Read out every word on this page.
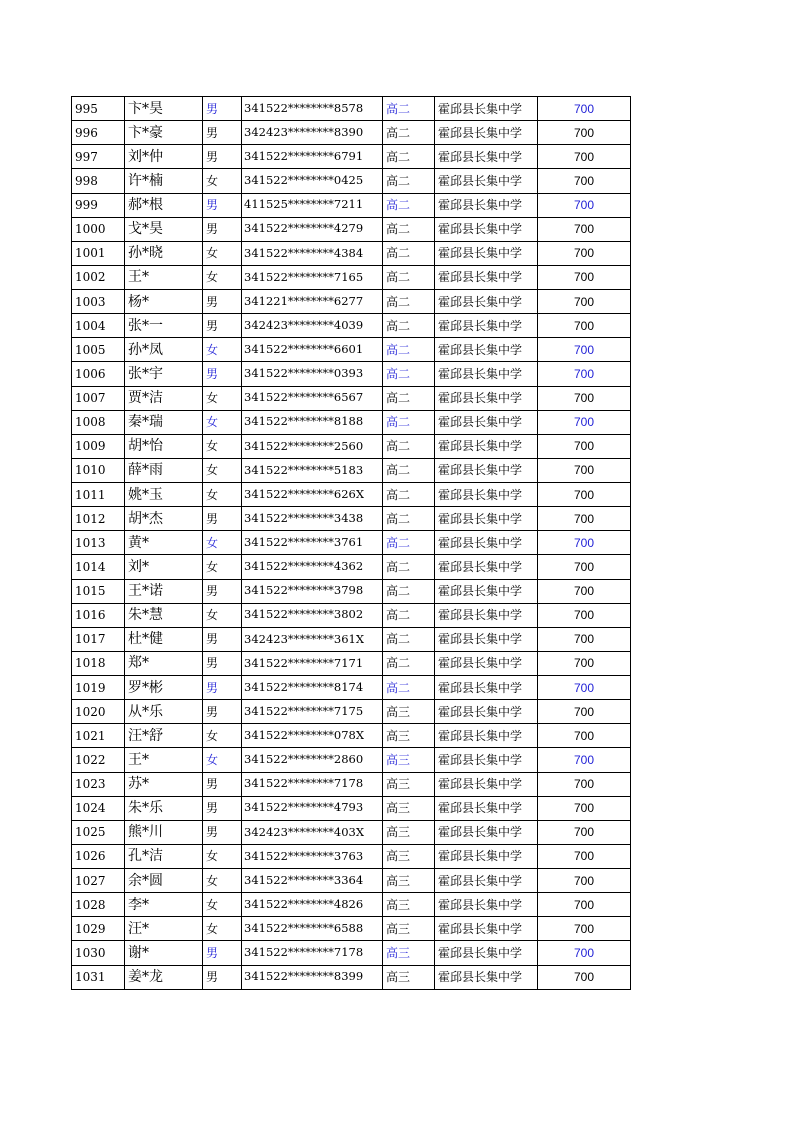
995	卞*昊	男	341522********8578	高二	霍邱县长集中学	700
996	卞*豪	男	342423********8390	高二	霍邱县长集中学	700
997	刘*仲	男	341522********6791	高二	霍邱县长集中学	700
998	许*楠	女	341522********0425	高二	霍邱县长集中学	700
999	郝*根	男	411525********7211	高二	霍邱县长集中学	700
1000	戈*昊	男	341522********4279	高二	霍邱县长集中学	700
1001	孙*晓	女	341522********4384	高二	霍邱县长集中学	700
1002	王*	女	341522********7165	高二	霍邱县长集中学	700
1003	杨*	男	341221********6277	高二	霍邱县长集中学	700
1004	张*一	男	342423********4039	高二	霍邱县长集中学	700
1005	孙*凤	女	341522********6601	高二	霍邱县长集中学	700
1006	张*宇	男	341522********0393	高二	霍邱县长集中学	700
1007	贾*洁	女	341522********6567	高二	霍邱县长集中学	700
1008	秦*瑞	女	341522********8188	高二	霍邱县长集中学	700
1009	胡*怡	女	341522********2560	高二	霍邱县长集中学	700
1010	薛*雨	女	341522********5183	高二	霍邱县长集中学	700
1011	姚*玉	女	341522********626X	高二	霍邱县长集中学	700
1012	胡*杰	男	341522********3438	高二	霍邱县长集中学	700
1013	黄*	女	341522********3761	高二	霍邱县长集中学	700
1014	刘*	女	341522********4362	高二	霍邱县长集中学	700
1015	王*诺	男	341522********3798	高二	霍邱县长集中学	700
1016	朱*慧	女	341522********3802	高二	霍邱县长集中学	700
1017	杜*健	男	342423********361X	高二	霍邱县长集中学	700
1018	郑*	男	341522********7171	高二	霍邱县长集中学	700
1019	罗*彬	男	341522********8174	高二	霍邱县长集中学	700
1020	从*乐	男	341522********7175	高三	霍邱县长集中学	700
1021	汪*舒	女	341522********078X	高三	霍邱县长集中学	700
1022	王*	女	341522********2860	高三	霍邱县长集中学	700
1023	苏*	男	341522********7178	高三	霍邱县长集中学	700
1024	朱*乐	男	341522********4793	高三	霍邱县长集中学	700
1025	熊*川	男	342423********403X	高三	霍邱县长集中学	700
1026	孔*洁	女	341522********3763	高三	霍邱县长集中学	700
1027	余*圆	女	341522********3364	高三	霍邱县长集中学	700
1028	李*	女	341522********4826	高三	霍邱县长集中学	700
1029	汪*	女	341522********6588	高三	霍邱县长集中学	700
1030	谢*	男	341522********7178	高三	霍邱县长集中学	700
1031	姜*龙	男	341522********8399	高三	霍邱县长集中学	700
